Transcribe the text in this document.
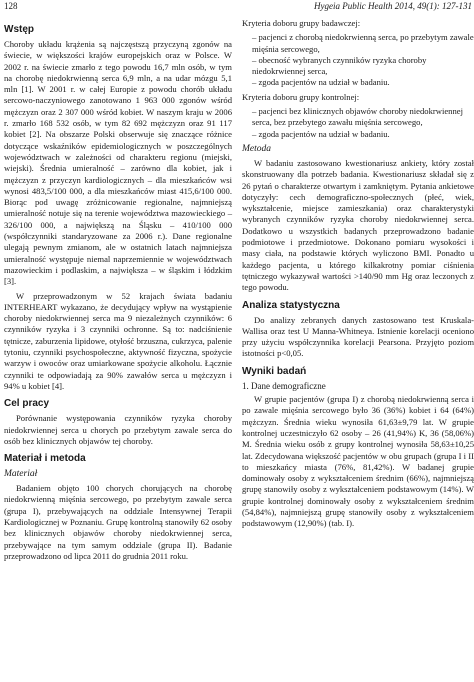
128	Hygeia Public Health 2014, 49(1): 127-131
Wstęp

Choroby układu krążenia są najczęstszą przyczyną zgonów na świecie, w większości krajów europejskich oraz w Polsce. W 2002 r. na świecie zmarło z tego powodu 16,7 mln osób, w tym na chorobę niedokrwienną serca 6,9 mln, a na udar mózgu 5,1 mln [1]. W 2001 r. w całej Europie z powodu chorób układu sercowo-naczyniowego zanotowano 1 963 000 zgonów wśród mężczyzn oraz 2 307 000 wśród kobiet. W naszym kraju w 2006 r. zmarło 168 532 osób, w tym 82 692 mężczyzn oraz 91 117 kobiet [2]. Na obszarze Polski obserwuje się znaczące różnice dotyczące wskaźników epidemiologicznych w poszczególnych województwach w zależności od charakteru regionu (miejski, wiejski). Średnia umieralność – zarówno dla kobiet, jak i mężczyzn z przyczyn kardiologicznych – dla mieszkańców wsi wynosi 483,5/100 000, a dla mieszkańców miast 415,6/100 000. Biorąc pod uwagę zróżnicowanie regionalne, najmniejszą umieralność notuje się na terenie województwa mazowieckiego – 326/100 000, a największą na Śląsku – 410/100 000 (współczynniki standaryzowane za 2006 r.). Dane regionalne ulegają pewnym zmianom, ale w ostatnich latach najmniejsza umieralność występuje niemal naprzemiennie w województwach mazowieckim i podlaskim, a największa – w śląskim i łódzkim [3].

W przeprowadzonym w 52 krajach świata badaniu INTERHEART wykazano, że decydujący wpływ na wystąpienie choroby niedokrwiennej serca ma 9 niezależnych czynników: 6 czynników ryzyka i 3 czynniki ochronne. Są to: nadciśnienie tętnicze, zaburzenia lipidowe, otyłość brzuszna, cukrzyca, palenie tytoniu, czynniki psychospołeczne, aktywność fizyczna, spożycie warzyw i owoców oraz umiarkowane spożycie alkoholu. Łącznie czynniki te odpowiadają za 90% zawałów serca u mężczyzn i 94% u kobiet [4].

Cel pracy

Porównanie występowania czynników ryzyka choroby niedokrwiennej serca u chorych po przebytym zawale serca do osób bez klinicznych objawów tej choroby.

Materiał i metoda
Materiał

Badaniem objęto 100 chorych chorujących na chorobę niedokrwienną mięśnia sercowego, po przebytym zawale serca (grupa I), przebywających na oddziale Intensywnej Terapii Kardiologicznej w Poznaniu. Grupę kontrolną stanowiły 62 osoby bez klinicznych objawów choroby niedokrwiennej serca, przebywające na tym samym oddziale (grupa II). Badanie przeprowadzono od lipca 2011 do grudnia 2011 roku.

Kryteria doboru grupy badawczej:

– pacjenci z chorobą niedokrwienną serca, po przebytym zawale mięśnia sercowego,
– obecność wybranych czynników ryzyka choroby niedokrwiennej serca,
– zgoda pacjentów na udział w badaniu.

Kryteria doboru grupy kontrolnej:

– pacjenci bez klinicznych objawów choroby niedokrwiennej serca, bez przebytego zawału mięśnia sercowego,
– zgoda pacjentów na udział w badaniu.
Metoda

W badaniu zastosowano kwestionariusz ankiety, który został skonstruowany dla potrzeb badania. Kwestionariusz składał się z 26 pytań o charakterze otwartym i zamkniętym. Pytania ankietowe dotyczyły: cech demograficzno-społecznych (płeć, wiek, wykształcenie, miejsce zamieszkania) oraz charakterystyki wybranych czynników ryzyka choroby niedokrwiennej serca. Dodatkowo u wszystkich badanych przeprowadzono badanie podmiotowe i przedmiotowe. Dokonano pomiaru wysokości i masy ciała, na podstawie których wyliczono BMI. Ponadto u każdego pacjenta, u którego kilkakrotny pomiar ciśnienia tętniczego wykazywał wartości >140/90 mm Hg oraz leczonych z tego powodu.

Analiza statystyczna

Do analizy zebranych danych zastosowano test Kruskala-Wallisa oraz test U Manna-Whitneya. Istnienie korelacji oceniono przy użyciu współczynnika korelacji Pearsona. Przyjęto poziom istotności p<0,05.

Wyniki badań

1. Dane demograficzne

W grupie pacjentów (grupa I) z chorobą niedokrwienną serca i po zawale mięśnia sercowego było 36 (36%) kobiet i 64 (64%) mężczyzn. Średnia wieku wynosiła 61,63±9,79 lat. W grupie kontrolnej uczestniczyło 62 osoby – 26 (41,94%) K, 36 (58,06%) M. Średnia wieku osób z grupy kontrolnej wynosiła 58,63±10,25 lat. Zdecydowana większość pacjentów w obu grupach (grupa I i II to mieszkańcy miasta (76%, 81,42%). W badanej grupie dominowały osoby z wykształceniem średnim (66%), najmniejszą grupę stanowiły osoby z wykształceniem podstawowym (14%). W grupie kontrolnej dominowały osoby z wykształceniem średnim (54,84%), najmniejszą grupę stanowiły osoby z wykształceniem podstawowym (12,90%) (tab. I).
